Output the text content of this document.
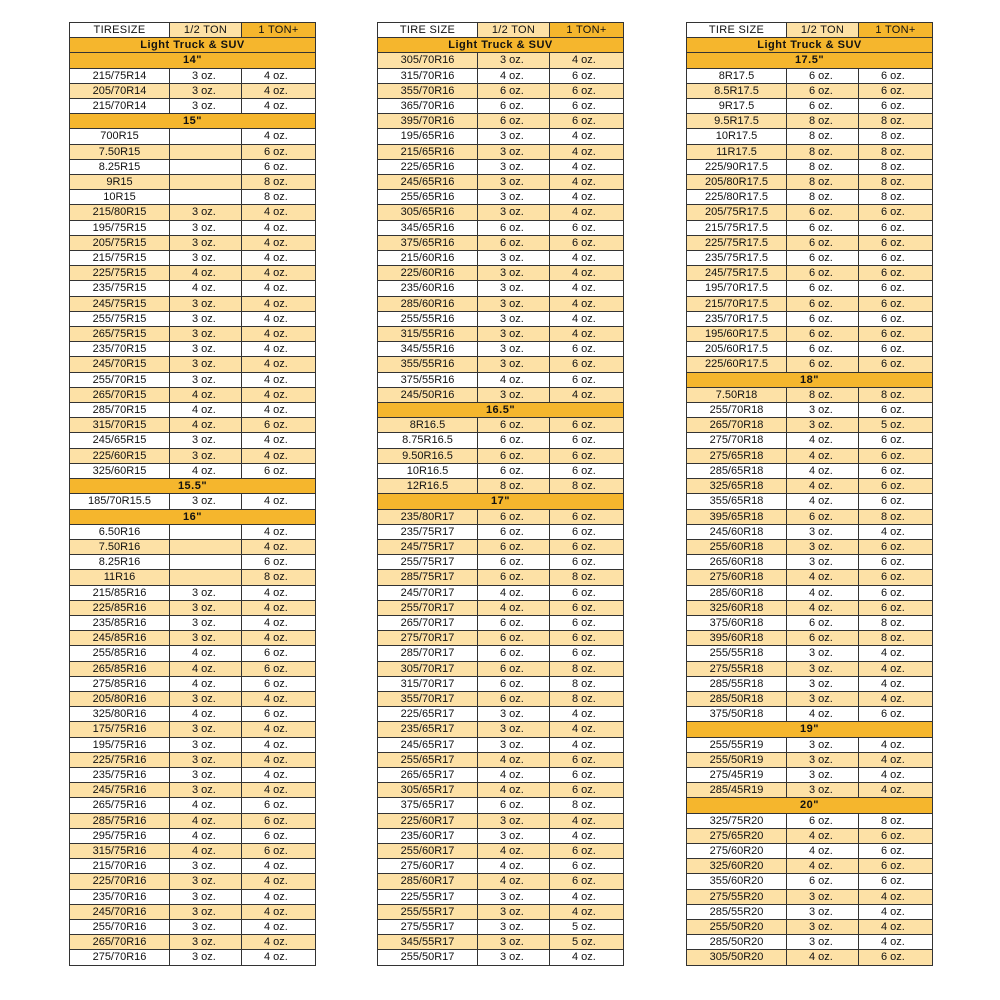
TIRESIZE	1/2 TON	1 TON+
Light Truck & SUV		
14"		
215/75R14	3 oz.	4 oz.
205/70R14	3 oz.	4 oz.
215/70R14	3 oz.	4 oz.
15"		
700R15		4 oz.
7.50R15		6 oz.
8.25R15		6 oz.
9R15		8 oz.
10R15		8 oz.
215/80R15	3 oz.	4 oz.
195/75R15	3 oz.	4 oz.
205/75R15	3 oz.	4 oz.
215/75R15	3 oz.	4 oz.
225/75R15	4 oz.	4 oz.
235/75R15	4 oz.	4 oz.
245/75R15	3 oz.	4 oz.
255/75R15	3 oz.	4 oz.
265/75R15	3 oz.	4 oz.
235/70R15	3 oz.	4 oz.
245/70R15	3 oz.	4 oz.
255/70R15	3 oz.	4 oz.
265/70R15	4 oz.	4 oz.
285/70R15	4 oz.	4 oz.
315/70R15	4 oz.	6 oz.
245/65R15	3 oz.	4 oz.
225/60R15	3 oz.	4 oz.
325/60R15	4 oz.	6 oz.
15.5"		
185/70R15.5	3 oz.	4 oz.
16"		
6.50R16		4 oz.
7.50R16		4 oz.
8.25R16		6 oz.
11R16		8 oz.
215/85R16	3 oz.	4 oz.
225/85R16	3 oz.	4 oz.
235/85R16	3 oz.	4 oz.
245/85R16	3 oz.	4 oz.
255/85R16	4 oz.	6 oz.
265/85R16	4 oz.	6 oz.
275/85R16	4 oz.	6 oz.
205/80R16	3 oz.	4 oz.
325/80R16	4 oz.	6 oz.
175/75R16	3 oz.	4 oz.
195/75R16	3 oz.	4 oz.
225/75R16	3 oz.	4 oz.
235/75R16	3 oz.	4 oz.
245/75R16	3 oz.	4 oz.
265/75R16	4 oz.	6 oz.
285/75R16	4 oz.	6 oz.
295/75R16	4 oz.	6 oz.
315/75R16	4 oz.	6 oz.
215/70R16	3 oz.	4 oz.
225/70R16	3 oz.	4 oz.
235/70R16	3 oz.	4 oz.
245/70R16	3 oz.	4 oz.
255/70R16	3 oz.	4 oz.
265/70R16	3 oz.	4 oz.
275/70R16	3 oz.	4 oz.
TIRE SIZE	1/2 TON	1 TON+
Light Truck & SUV		
305/70R16	3 oz.	4 oz.
315/70R16	4 oz.	6 oz.
355/70R16	6 oz.	6 oz.
365/70R16	6 oz.	6 oz.
395/70R16	6 oz.	6 oz.
195/65R16	3 oz.	4 oz.
215/65R16	3 oz.	4 oz.
225/65R16	3 oz.	4 oz.
245/65R16	3 oz.	4 oz.
255/65R16	3 oz.	4 oz.
305/65R16	3 oz.	4 oz.
345/65R16	6 oz.	6 oz.
375/65R16	6 oz.	6 oz.
215/60R16	3 oz.	4 oz.
225/60R16	3 oz.	4 oz.
235/60R16	3 oz.	4 oz.
285/60R16	3 oz.	4 oz.
255/55R16	3 oz.	4 oz.
315/55R16	3 oz.	4 oz.
345/55R16	3 oz.	6 oz.
355/55R16	3 oz.	6 oz.
375/55R16	4 oz.	6 oz.
245/50R16	3 oz.	4 oz.
16.5"		
8R16.5	6 oz.	6 oz.
8.75R16.5	6 oz.	6 oz.
9.50R16.5	6 oz.	6 oz.
10R16.5	6 oz.	6 oz.
12R16.5	8 oz.	8 oz.
17"		
235/80R17	6 oz.	6 oz.
235/75R17	6 oz.	6 oz.
245/75R17	6 oz.	6 oz.
255/75R17	6 oz.	6 oz.
285/75R17	6 oz.	8 oz.
245/70R17	4 oz.	6 oz.
255/70R17	4 oz.	6 oz.
265/70R17	6 oz.	6 oz.
275/70R17	6 oz.	6 oz.
285/70R17	6 oz.	6 oz.
305/70R17	6 oz.	8 oz.
315/70R17	6 oz.	8 oz.
355/70R17	6 oz.	8 oz.
225/65R17	3 oz.	4 oz.
235/65R17	3 oz.	4 oz.
245/65R17	3 oz.	4 oz.
255/65R17	4 oz.	6 oz.
265/65R17	4 oz.	6 oz.
305/65R17	4 oz.	6 oz.
375/65R17	6 oz.	8 oz.
225/60R17	3 oz.	4 oz.
235/60R17	3 oz.	4 oz.
255/60R17	4 oz.	6 oz.
275/60R17	4 oz.	6 oz.
285/60R17	4 oz.	6 oz.
225/55R17	3 oz.	4 oz.
255/55R17	3 oz.	4 oz.
275/55R17	3 oz.	5 oz.
345/55R17	3 oz.	5 oz.
255/50R17	3 oz.	4 oz.
TIRE SIZE	1/2 TON	1 TON+
Light Truck & SUV		
17.5"		
8R17.5	6 oz.	6 oz.
8.5R17.5	6 oz.	6 oz.
9R17.5	6 oz.	6 oz.
9.5R17.5	8 oz.	8 oz.
10R17.5	8 oz.	8 oz.
11R17.5	8 oz.	8 oz.
225/90R17.5	8 oz.	8 oz.
205/80R17.5	8 oz.	8 oz.
225/80R17.5	8 oz.	8 oz.
205/75R17.5	6 oz.	6 oz.
215/75R17.5	6 oz.	6 oz.
225/75R17.5	6 oz.	6 oz.
235/75R17.5	6 oz.	6 oz.
245/75R17.5	6 oz.	6 oz.
195/70R17.5	6 oz.	6 oz.
215/70R17.5	6 oz.	6 oz.
235/70R17.5	6 oz.	6 oz.
195/60R17.5	6 oz.	6 oz.
205/60R17.5	6 oz.	6 oz.
225/60R17.5	6 oz.	6 oz.
18"		
7.50R18	8 oz.	8 oz.
255/70R18	3 oz.	6 oz.
265/70R18	3 oz.	5 oz.
275/70R18	4 oz.	6 oz.
275/65R18	4 oz.	6 oz.
285/65R18	4 oz.	6 oz.
325/65R18	4 oz.	6 oz.
355/65R18	4 oz.	6 oz.
395/65R18	6 oz.	8 oz.
245/60R18	3 oz.	4 oz.
255/60R18	3 oz.	6 oz.
265/60R18	3 oz.	6 oz.
275/60R18	4 oz.	6 oz.
285/60R18	4 oz.	6 oz.
325/60R18	4 oz.	6 oz.
375/60R18	6 oz.	8 oz.
395/60R18	6 oz.	8 oz.
255/55R18	3 oz.	4 oz.
275/55R18	3 oz.	4 oz.
285/55R18	3 oz.	4 oz.
285/50R18	3 oz.	4 oz.
375/50R18	4 oz.	6 oz.
19"		
255/55R19	3 oz.	4 oz.
255/50R19	3 oz.	4 oz.
275/45R19	3 oz.	4 oz.
285/45R19	3 oz.	4 oz.
20"		
325/75R20	6 oz.	8 oz.
275/65R20	4 oz.	6 oz.
275/60R20	4 oz.	6 oz.
325/60R20	4 oz.	6 oz.
355/60R20	6 oz.	6 oz.
275/55R20	3 oz.	4 oz.
285/55R20	3 oz.	4 oz.
255/50R20	3 oz.	4 oz.
285/50R20	3 oz.	4 oz.
305/50R20	4 oz.	6 oz.
